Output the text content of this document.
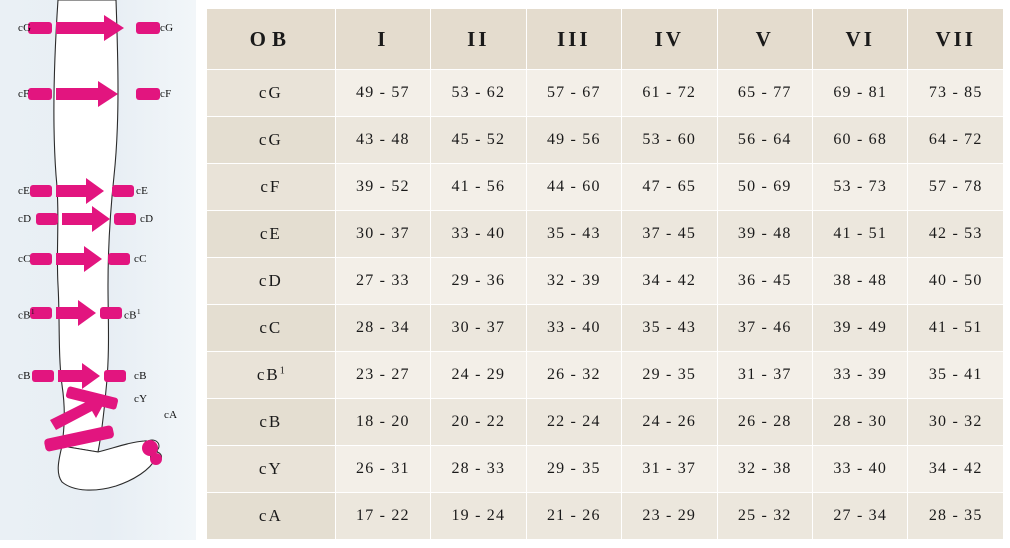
cG
cF
cE
cD
cC
$cB^1$
cB
cG
cF
cE
cD
cC
$cB^1$
cB
cY
cA
OB	I	II	III	IV	V	VI	VII
cG	49 - 57	53 - 62	57 - 67	61 - 72	65 - 77	69 - 81	73 - 85
cG	43 - 48	45 - 52	49 - 56	53 - 60	56 - 64	60 - 68	64 - 72
cF	39 - 52	41 - 56	44 - 60	47 - 65	50 - 69	53 - 73	57 - 78
cE	30 - 37	33 - 40	35 - 43	37 - 45	39 - 48	41 - 51	42 - 53
cD	27 - 33	29 - 36	32 - 39	34 - 42	36 - 45	38 - 48	40 - 50
cC	28 - 34	30 - 37	33 - 40	35 - 43	37 - 46	39 - 49	41 - 51
$cB^1$	23 - 27	24 - 29	26 - 32	29 - 35	31 - 37	33 - 39	35 - 41
cB	18 - 20	20 - 22	22 - 24	24 - 26	26 - 28	28 - 30	30 - 32
cY	26 - 31	28 - 33	29 - 35	31 - 37	32 - 38	33 - 40	34 - 42
cA	17 - 22	19 - 24	21 - 26	23 - 29	25 - 32	27 - 34	28 - 35
